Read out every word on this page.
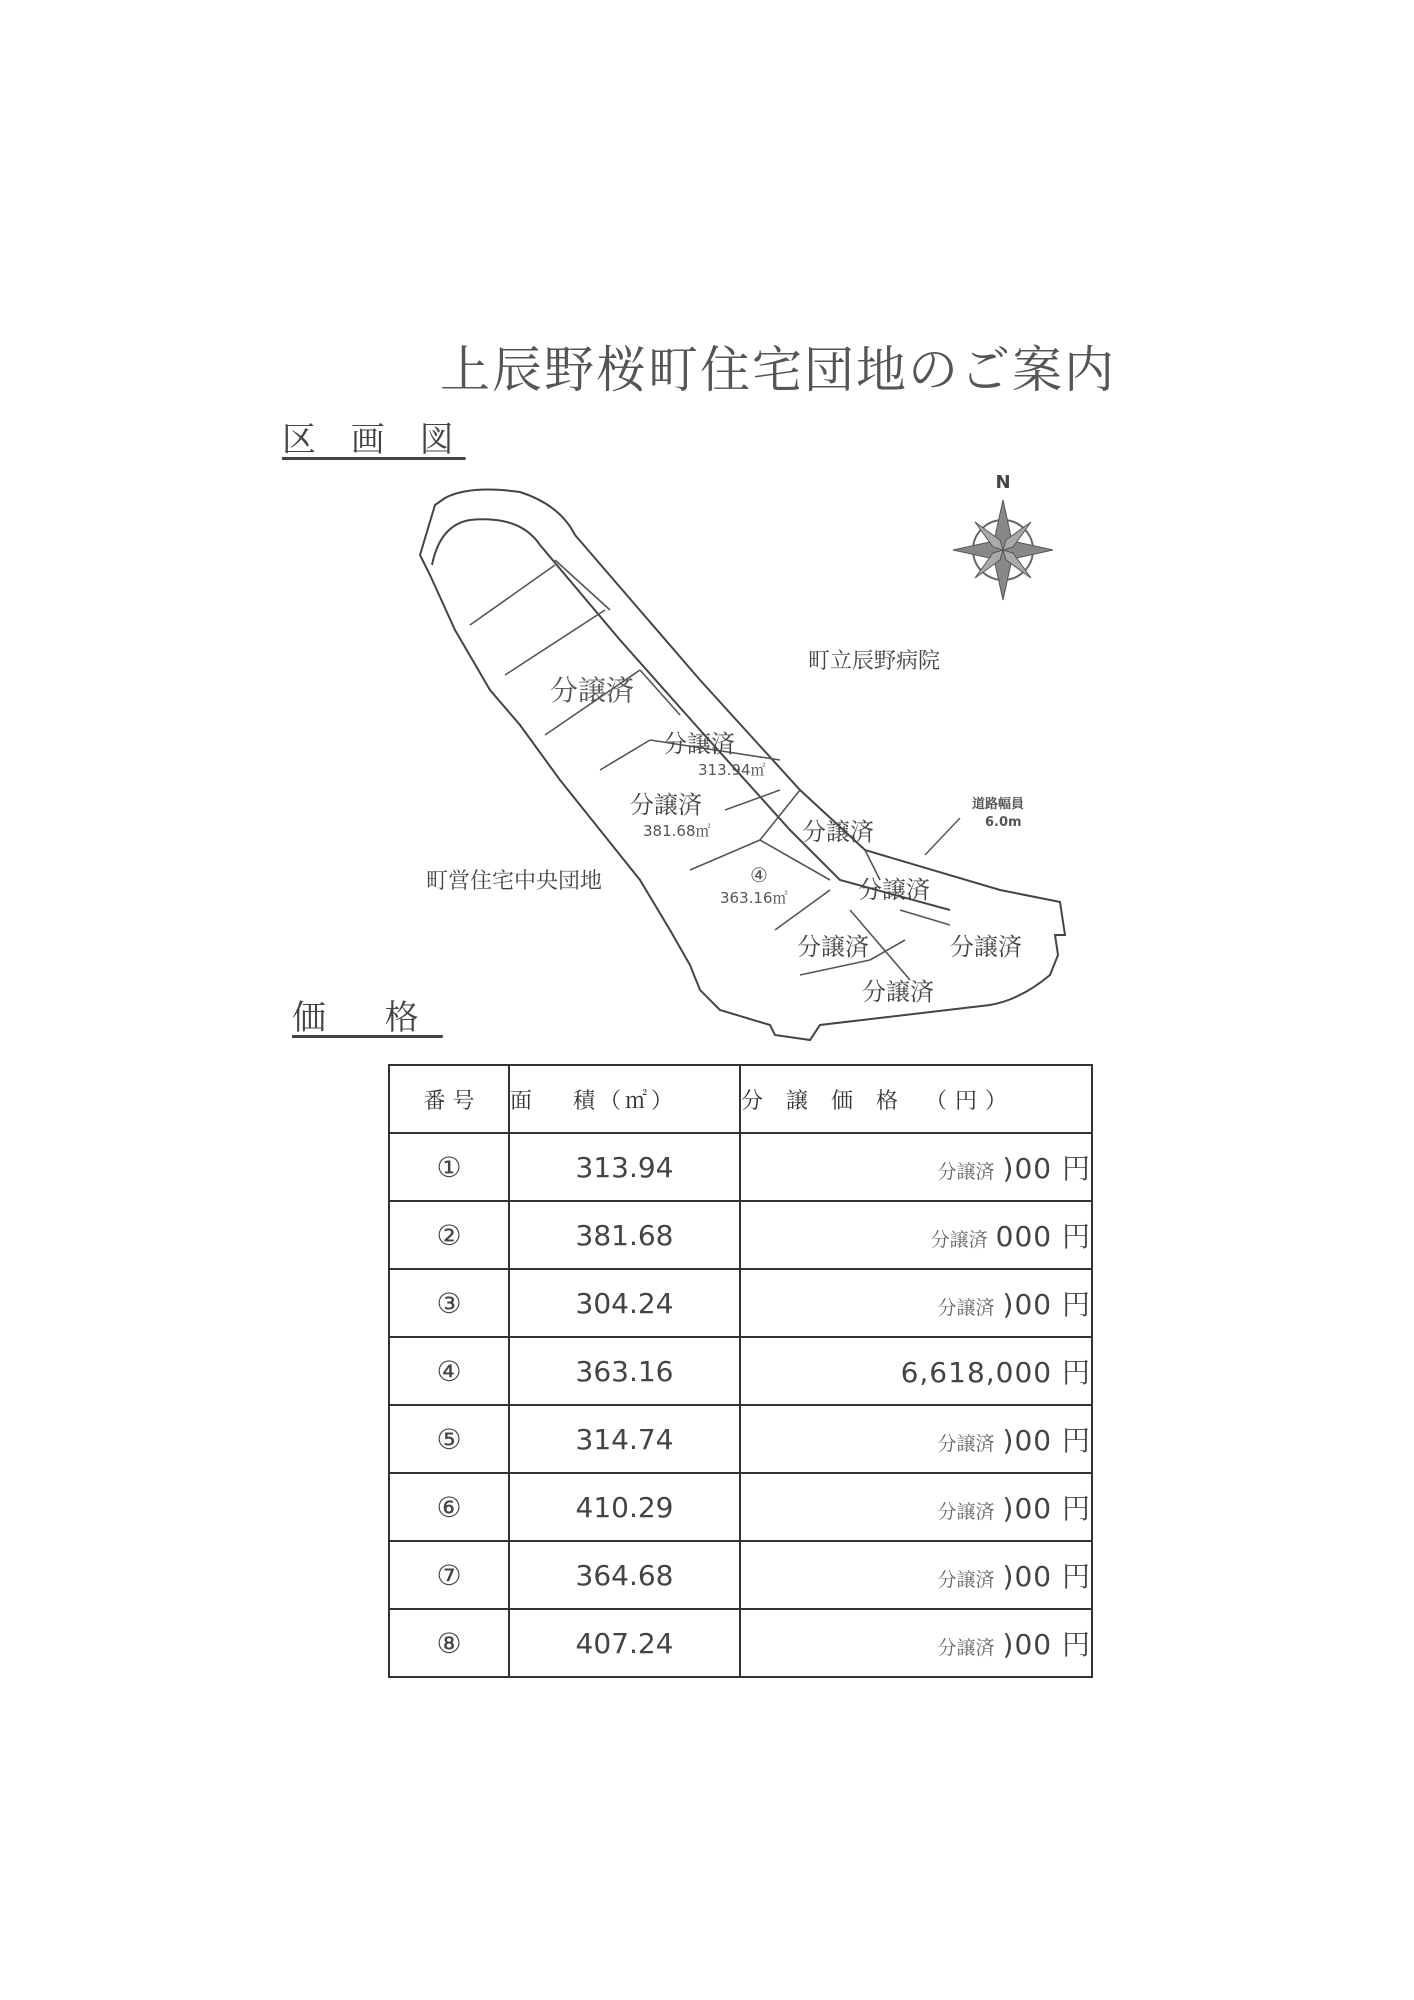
上辰野桜町住宅団地のご案内
区 画 図
N
町立辰野病院
町営住宅中央団地
道路幅員
6.0m
分譲済
分譲済
313.94㎡
分譲済
381.68㎡
④
363.16㎡
分譲済
分譲済
分譲済	分譲済
分譲済
価 格
番 号	面　 積（㎡）	分 譲 価 格　（円）
①	313.94	分譲済 )00 円
②	381.68	分譲済 000 円
③	304.24	分譲済 )00 円
④	363.16	6,618,000 円
⑤	314.74	分譲済 )00 円
⑥	410.29	分譲済 )00 円
⑦	364.68	分譲済 )00 円
⑧	407.24	分譲済 )00 円
